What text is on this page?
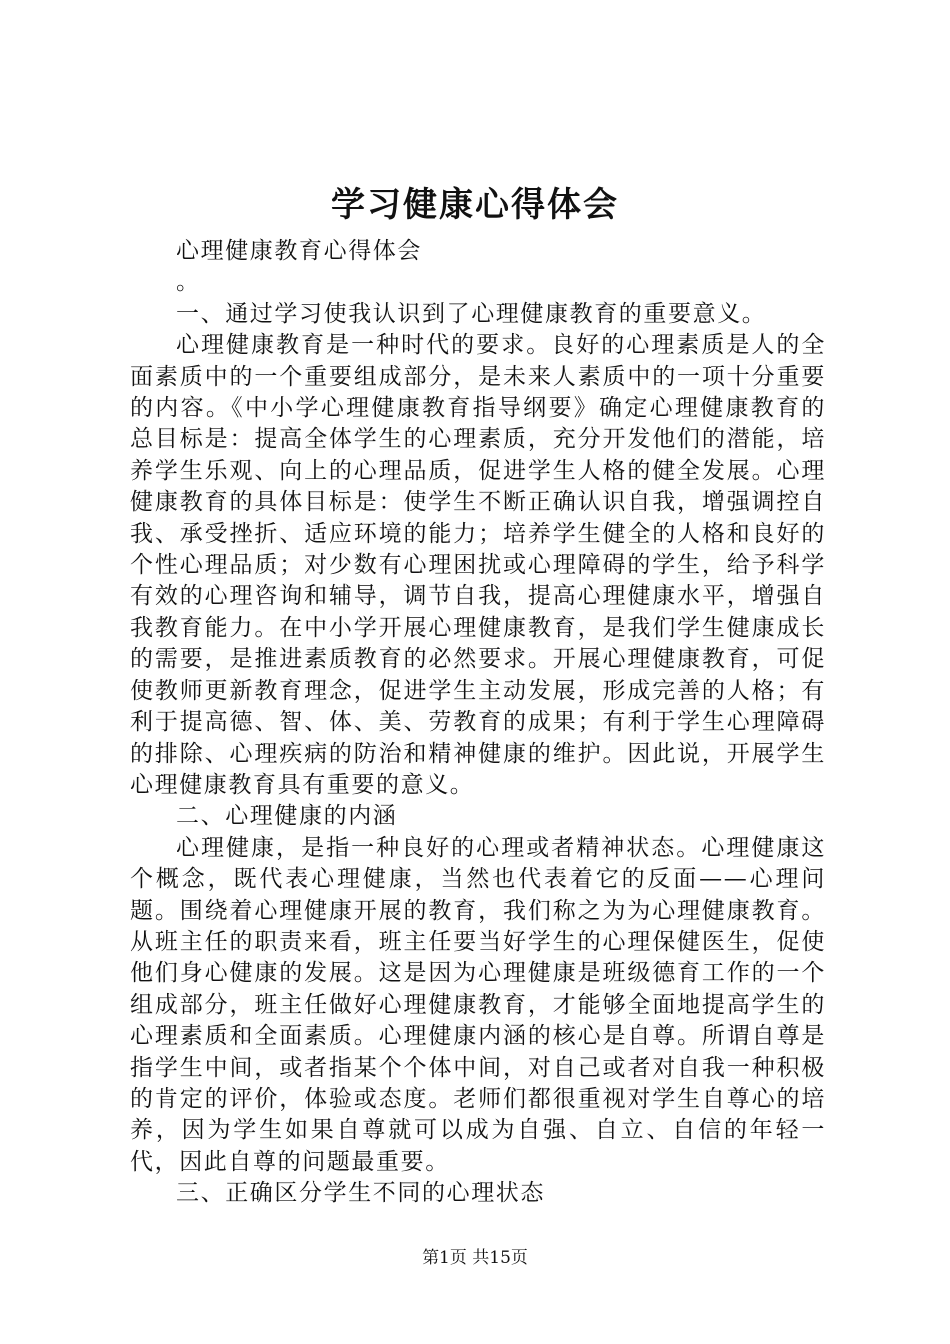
学习健康心得体会

心理健康教育心得体会

。

一、通过学习使我认识到了心理健康教育的重要意义。

心理健康教育是一种时代的要求。良好的心理素质是人的全面素质中的一个重要组成部分，是未来人素质中的一项十分重要的内容。《中小学心理健康教育指导纲要》确定心理健康教育的总目标是：提高全体学生的心理素质，充分开发他们的潜能，培养学生乐观、向上的心理品质，促进学生人格的健全发展。心理健康教育的具体目标是：使学生不断正确认识自我，增强调控自我、承受挫折、适应环境的能力；培养学生健全的人格和良好的个性心理品质；对少数有心理困扰或心理障碍的学生，给予科学有效的心理咨询和辅导，调节自我，提高心理健康水平，增强自我教育能力。在中小学开展心理健康教育，是我们学生健康成长的需要，是推进素质教育的必然要求。开展心理健康教育，可促使教师更新教育理念，促进学生主动发展，形成完善的人格；有利于提高德、智、体、美、劳教育的成果；有利于学生心理障碍的排除、心理疾病的防治和精神健康的维护。因此说，开展学生心理健康教育具有重要的意义。

二、心理健康的内涵

心理健康，是指一种良好的心理或者精神状态。心理健康这个概念，既代表心理健康，当然也代表着它的反面——心理问题。围绕着心理健康开展的教育，我们称之为为心理健康教育。从班主任的职责来看，班主任要当好学生的心理保健医生，促使他们身心健康的发展。这是因为心理健康是班级德育工作的一个组成部分，班主任做好心理健康教育，才能够全面地提高学生的心理素质和全面素质。心理健康内涵的核心是自尊。所谓自尊是指学生中间，或者指某个个体中间，对自己或者对自我一种积极的肯定的评价，体验或态度。老师们都很重视对学生自尊心的培养，因为学生如果自尊就可以成为自强、自立、自信的年轻一代，因此自尊的问题最重要。

三、正确区分学生不同的心理状态

第1页 共15页
